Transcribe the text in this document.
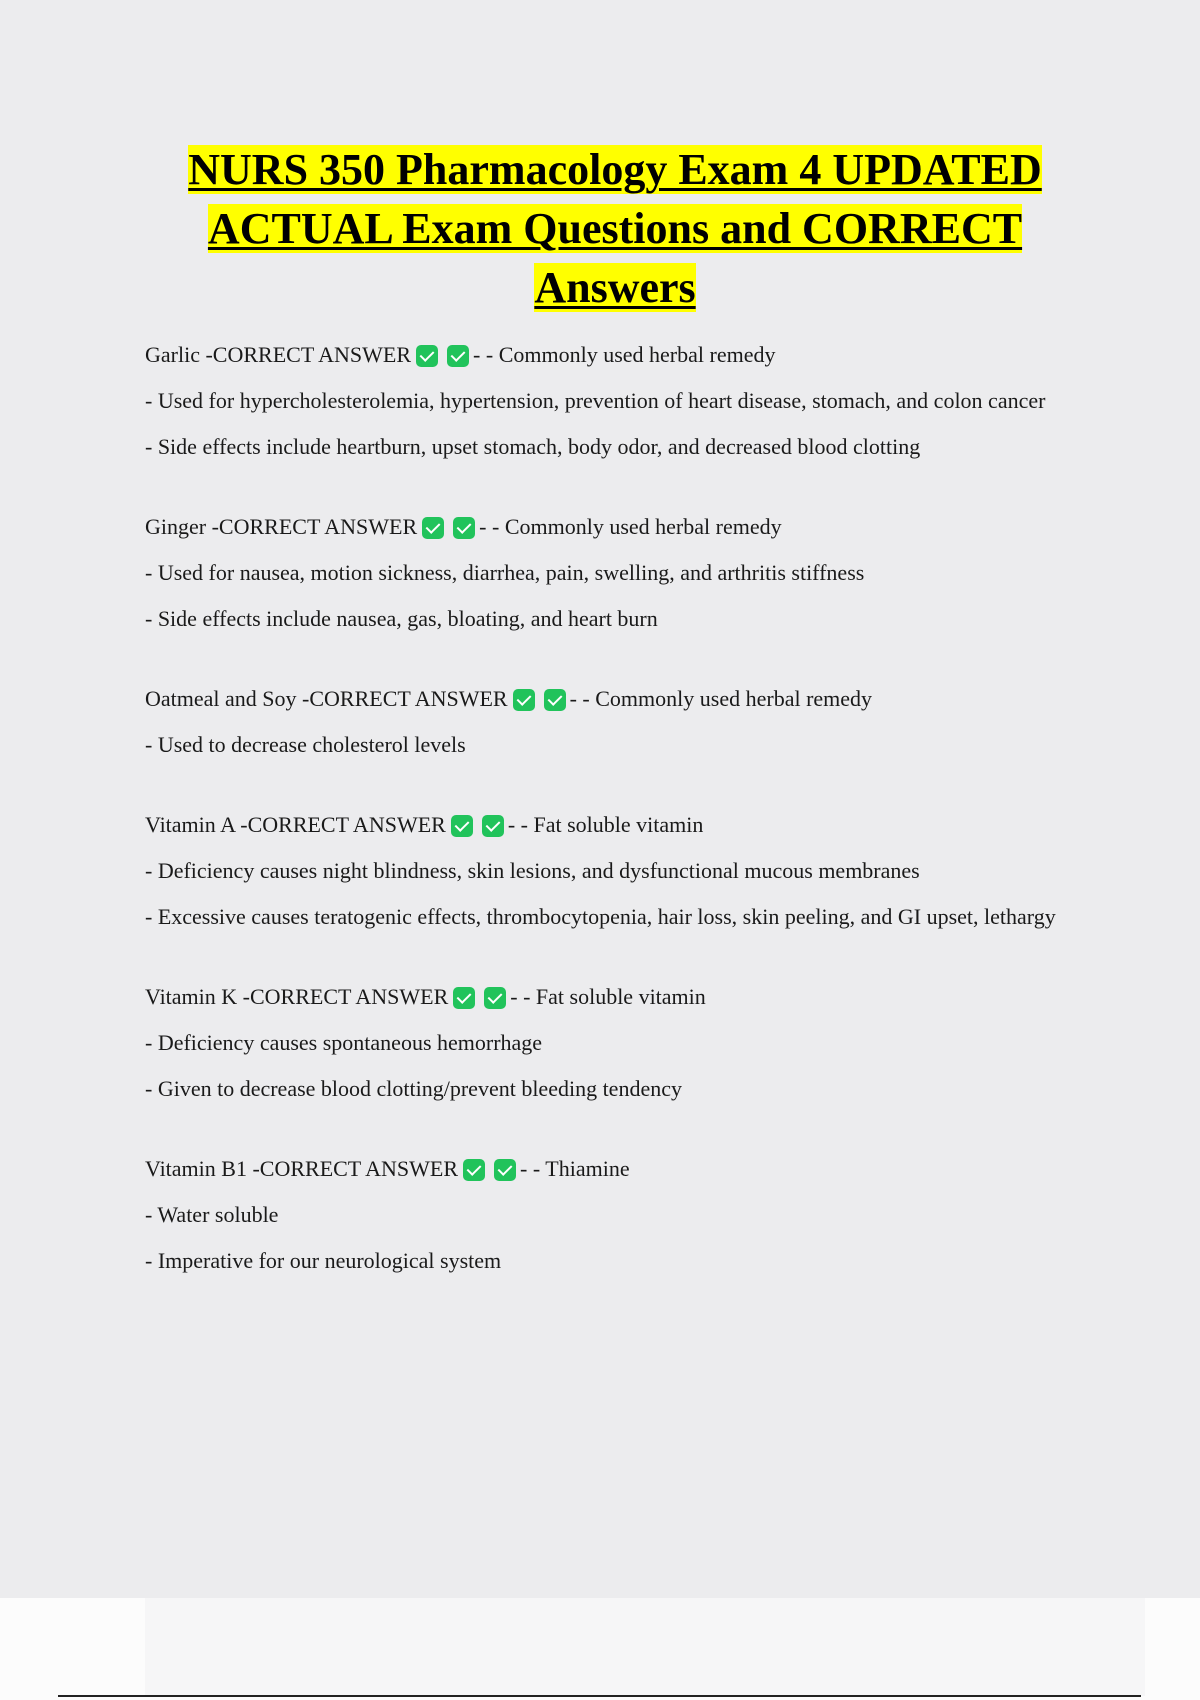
NURS 350 Pharmacology Exam 4 UPDATED ACTUAL Exam Questions and CORRECT Answers
Garlic - CORRECT ANSWER	- - Commonly used herbal remedy
- Used for hypercholesterolemia, hypertension, prevention of heart disease, stomach, and colon cancer
- Side effects include heartburn, upset stomach, body odor, and decreased blood clotting
Ginger - CORRECT ANSWER	- - Commonly used herbal remedy
- Used for nausea, motion sickness, diarrhea, pain, swelling, and arthritis stiffness
- Side effects include nausea, gas, bloating, and heart burn
Oatmeal and Soy - CORRECT ANSWER	- - Commonly used herbal remedy
- Used to decrease cholesterol levels
Vitamin A - CORRECT ANSWER	- - Fat soluble vitamin
- Deficiency causes night blindness, skin lesions, and dysfunctional mucous membranes
- Excessive causes teratogenic effects, thrombocytopenia, hair loss, skin peeling, and GI upset, lethargy
Vitamin K - CORRECT ANSWER	- - Fat soluble vitamin
- Deficiency causes spontaneous hemorrhage
- Given to decrease blood clotting/prevent bleeding tendency
Vitamin B1 - CORRECT ANSWER	- - Thiamine
- Water soluble
- Imperative for our neurological system
